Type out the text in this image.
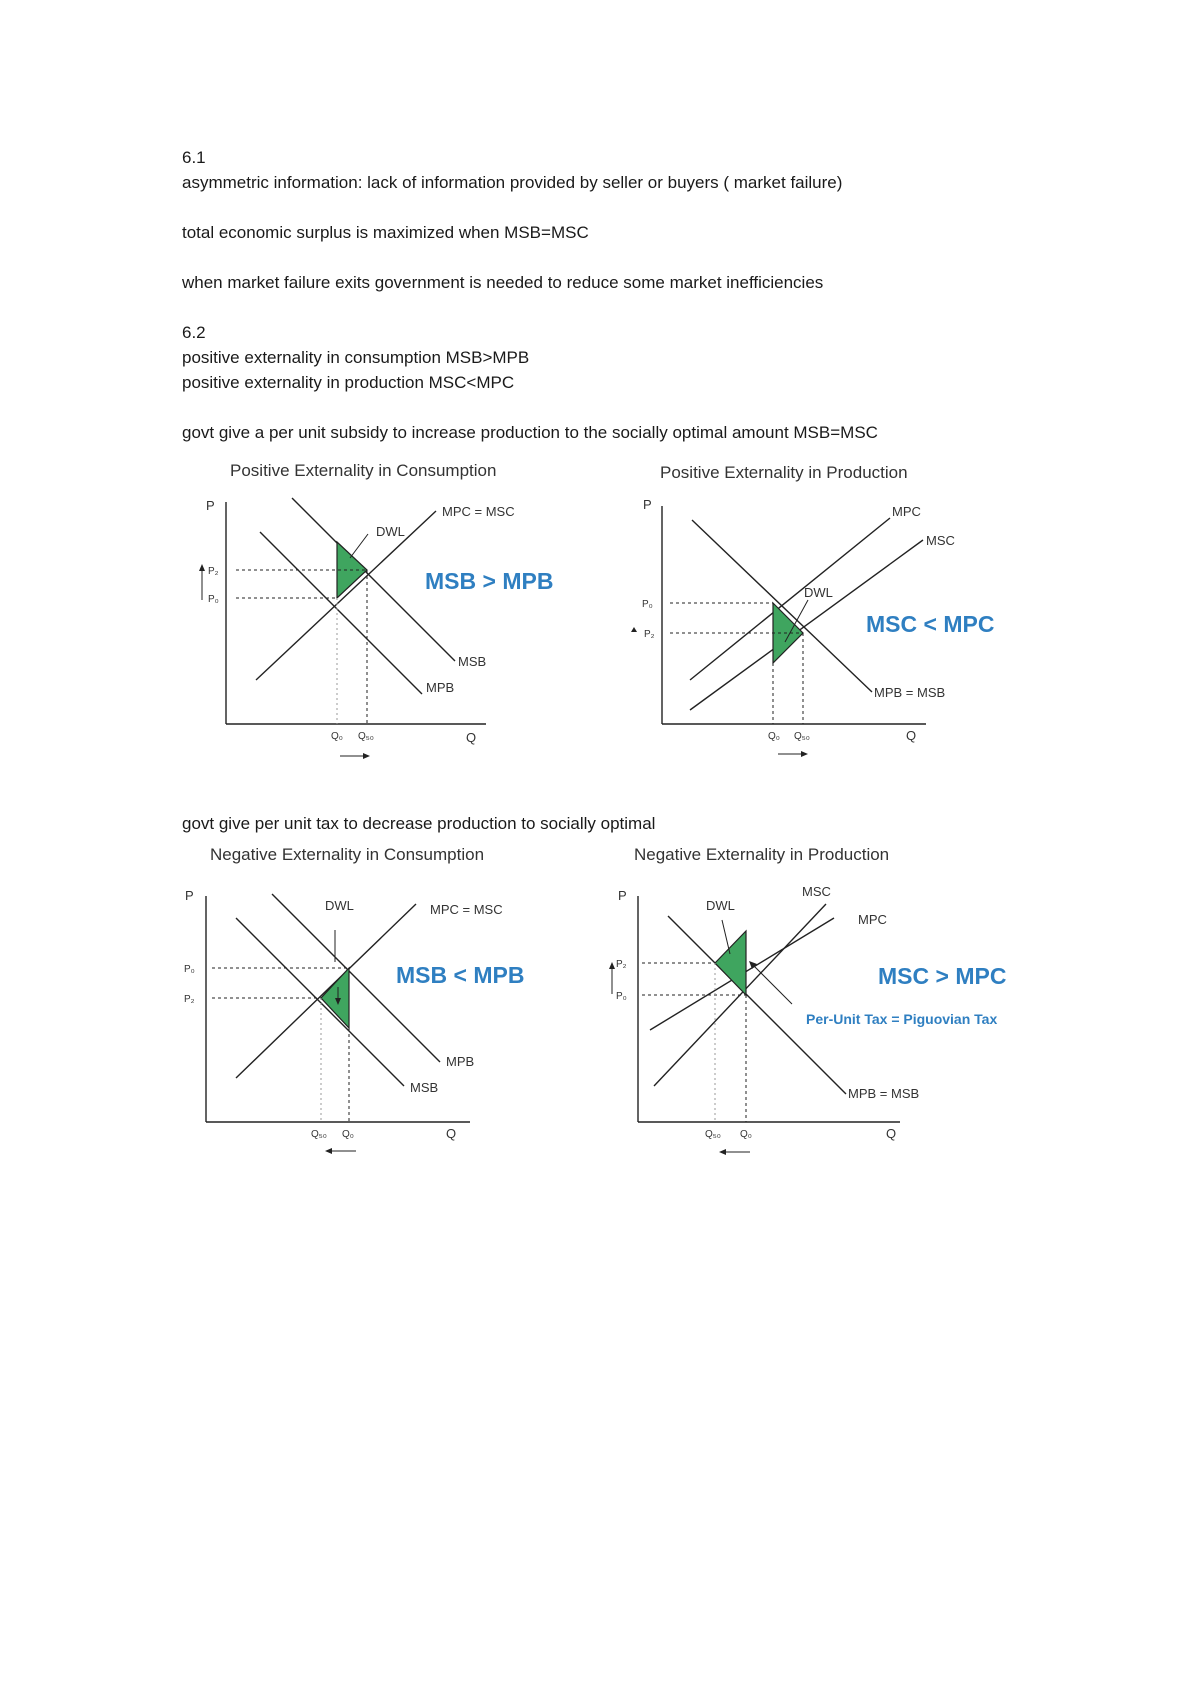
6.1
asymmetric information: lack of information provided by seller or buyers ( market failure)
total economic surplus is maximized when MSB=MSC
when market failure exits government is needed to reduce some market inefficiencies
6.2
positive externality in consumption MSB>MPB
positive externality in production MSC<MPC
govt give a per unit subsidy to increase production to the socially optimal amount MSB=MSC
govt give per unit tax to decrease production to socially optimal
Positive Externality in Consumption
P
Q
P₂
P₀
Q₀ Q₅₀
DWL
MPC = MSC
MSB
MPB
MSB > MPB
Positive Externality in Production
P
Q
P₀
P₂
Q₀ Q₅₀
DWL
MPC
MSC
MPB = MSB
MSC < MPC
Negative Externality in Consumption
P
Q
P₀
P₂
Q₅₀ Q₀
DWL	MPC = MSC
MPB
MSB
MSB < MPB
Negative Externality in Production
P
Q
P₂
P₀
Q₅₀ Q₀
DWL
MSC
MPC
MPB = MSB
MSC > MPC
Per-Unit Tax = Piguovian Tax
